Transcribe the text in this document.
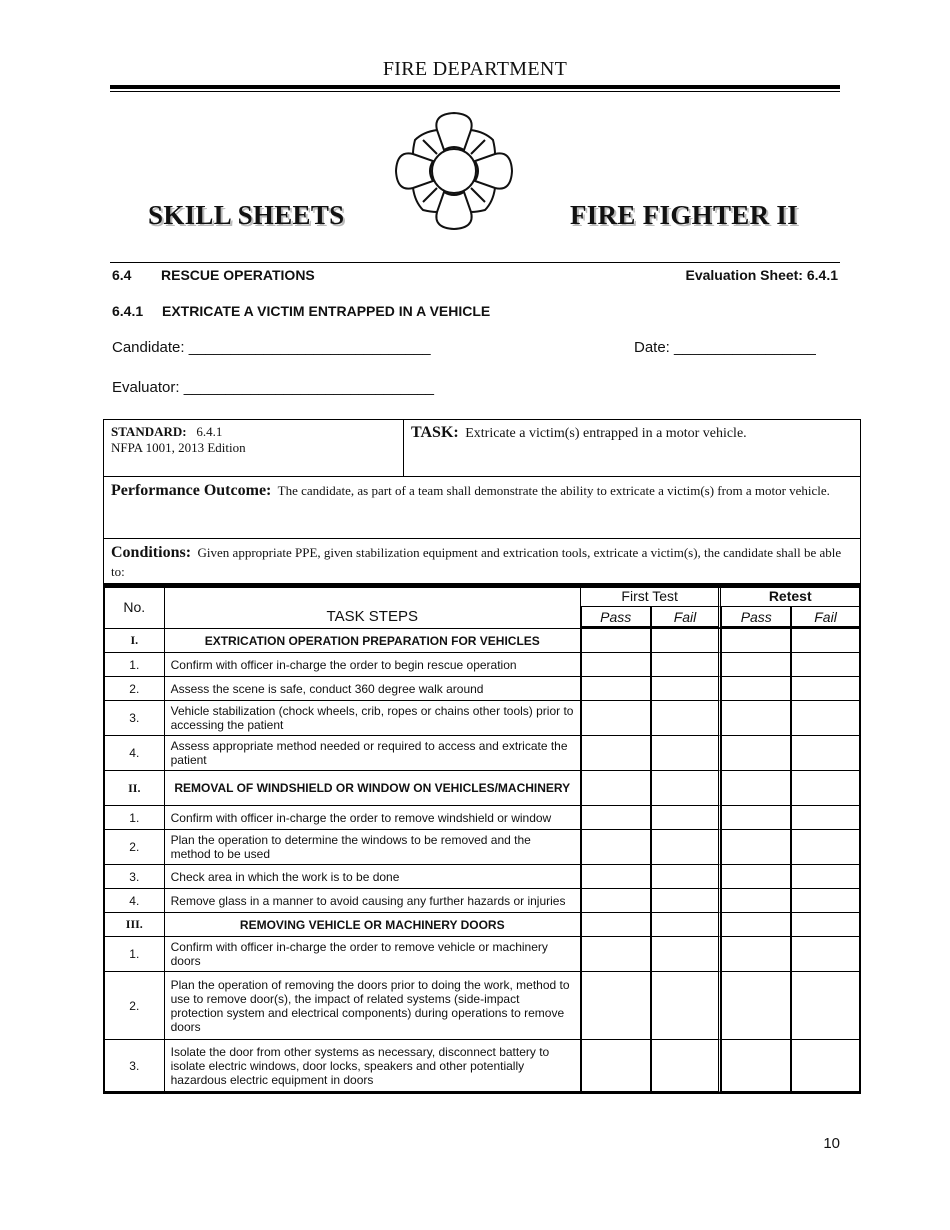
FIRE DEPARTMENT
SKILL SHEETS	FIRE FIGHTER II
6.4 RESCUE OPERATIONS	Evaluation Sheet: 6.4.1
6.4.1 EXTRICATE A VICTIM ENTRAPPED IN A VEHICLE
Candidate: _____________________________	Date: _________________
Evaluator: ______________________________
STANDARD: 6.4.1
NFPA 1001, 2013 Edition	TASK: Extricate a victim(s) entrapped in a motor vehicle.
Performance Outcome: The candidate, as part of a team shall demonstrate the ability to extricate a victim(s) from a motor vehicle.
Conditions: Given appropriate PPE, given stabilization equipment and extrication tools, extricate a victim(s), the candidate shall be able to:
No.	TASK STEPS	First Test		Retest	
		Pass	Fail	Pass	Fail
I.	EXTRICATION OPERATION PREPARATION FOR VEHICLES				
1.	Confirm with officer in-charge the order to begin rescue operation				
2.	Assess the scene is safe, conduct 360 degree walk around				
3.	Vehicle stabilization (chock wheels, crib, ropes or chains other tools) prior to accessing the patient				
4.	Assess appropriate method needed or required to access and extricate the patient				
II.	REMOVAL OF WINDSHIELD OR WINDOW ON VEHICLES/MACHINERY				
1.	Confirm with officer in-charge the order to remove windshield or window				
2.	Plan the operation to determine the windows to be removed and the method to be used				
3.	Check area in which the work is to be done				
4.	Remove glass in a manner to avoid causing any further hazards or injuries				
III.	REMOVING VEHICLE OR MACHINERY DOORS				
1.	Confirm with officer in-charge the order to remove vehicle or machinery doors				
2.	Plan the operation of removing the doors prior to doing the work, method to use to remove door(s), the impact of related systems (side-impact protection system and electrical components) during operations to remove doors				
3.	Isolate the door from other systems as necessary, disconnect battery to isolate electric windows, door locks, speakers and other potentially hazardous electric equipment in doors				
10
